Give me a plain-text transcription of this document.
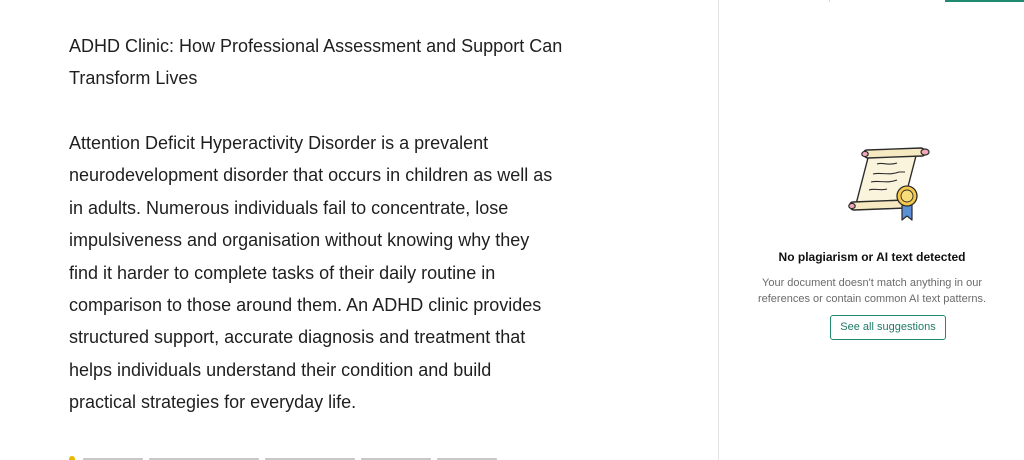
ADHD Clinic: How Professional Assessment and Support Can Transform Lives

Attention Deficit Hyperactivity Disorder is a prevalent neurodevelopment disorder that occurs in children as well as in adults. Numerous individuals fail to concentrate, lose impulsiveness and organisation without knowing why they find it harder to complete tasks of their daily routine in comparison to those around them. An ADHD clinic provides structured support, accurate diagnosis and treatment that helps individuals understand their condition and build practical strategies for everyday life.

No plagiarism or AI text detected
Your document doesn't match anything in our references or contain common AI text patterns.
See all suggestions
